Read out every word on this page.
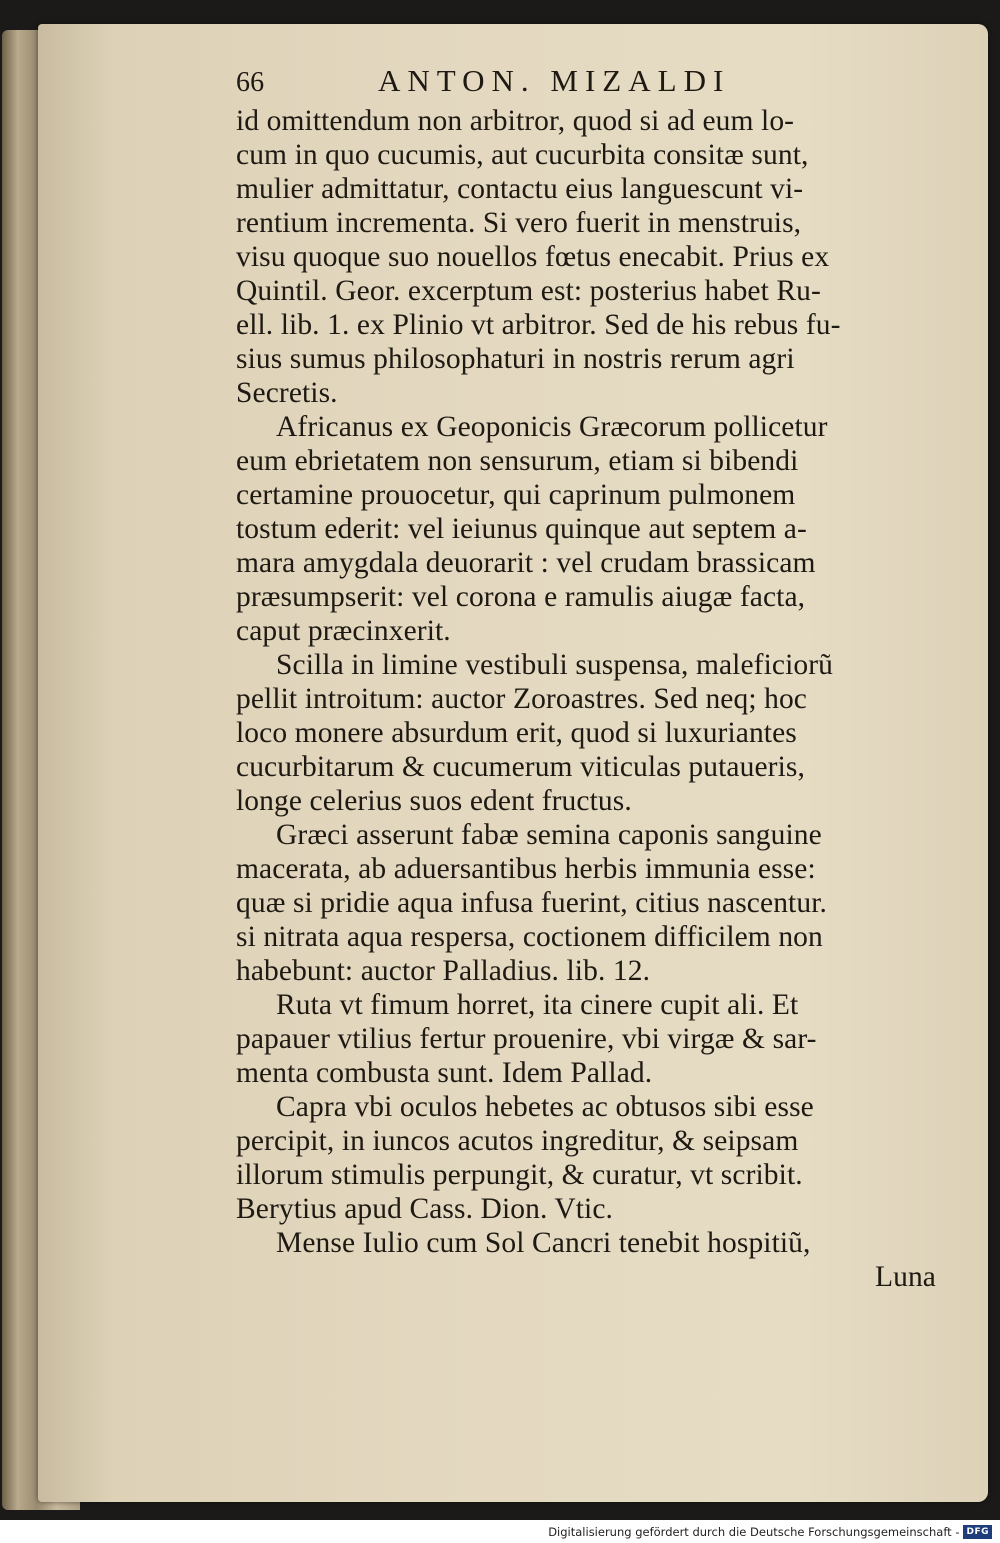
66	ANTON. MIZALDI

id omittendum non arbitror, quod si ad eum lo-
cum in quo cucumis, aut cucurbita consitæ sunt,
mulier admittatur, contactu eius languescunt vi-
rentium incrementa. Si vero fuerit in menstruis,
visu quoque suo nouellos fœtus enecabit. Prius ex
Quintil. Geor. excerptum est: posterius habet Ru-
ell. lib. 1. ex Plinio vt arbitror. Sed de his rebus fu-
sius sumus philosophaturi in nostris rerum agri
Secretis.

Africanus ex Geoponicis Græcorum pollicetur
eum ebrietatem non sensurum, etiam si bibendi
certamine prouocetur, qui caprinum pulmonem
tostum ederit: vel ieiunus quinque aut septem a-
mara amygdala deuorarit : vel crudam brassicam
præsumpserit: vel corona e ramulis aiugæ facta,
caput præcinxerit.

Scilla in limine vestibuli suspensa, maleficiorũ
pellit introitum: auctor Zoroastres. Sed neq; hoc
loco monere absurdum erit, quod si luxuriantes
cucurbitarum & cucumerum viticulas putaueris,
longe celerius suos edent fructus.

Græci asserunt fabæ semina caponis sanguine
macerata, ab aduersantibus herbis immunia esse:
quæ si pridie aqua infusa fuerint, citius nascentur.
si nitrata aqua respersa, coctionem difficilem non
habebunt: auctor Palladius. lib. 12.

Ruta vt fimum horret, ita cinere cupit ali. Et
papauer vtilius fertur prouenire, vbi virgæ & sar-
menta combusta sunt. Idem Pallad.

Capra vbi oculos hebetes ac obtusos sibi esse
percipit, in iuncos acutos ingreditur, & seipsam
illorum stimulis perpungit, & curatur, vt scribit.
Berytius apud Cass. Dion. Vtic.

Mense Iulio cum Sol Cancri tenebit hospitiũ,

Luna
Digitalisierung gefördert durch die Deutsche Forschungsgemeinschaft - DFG
